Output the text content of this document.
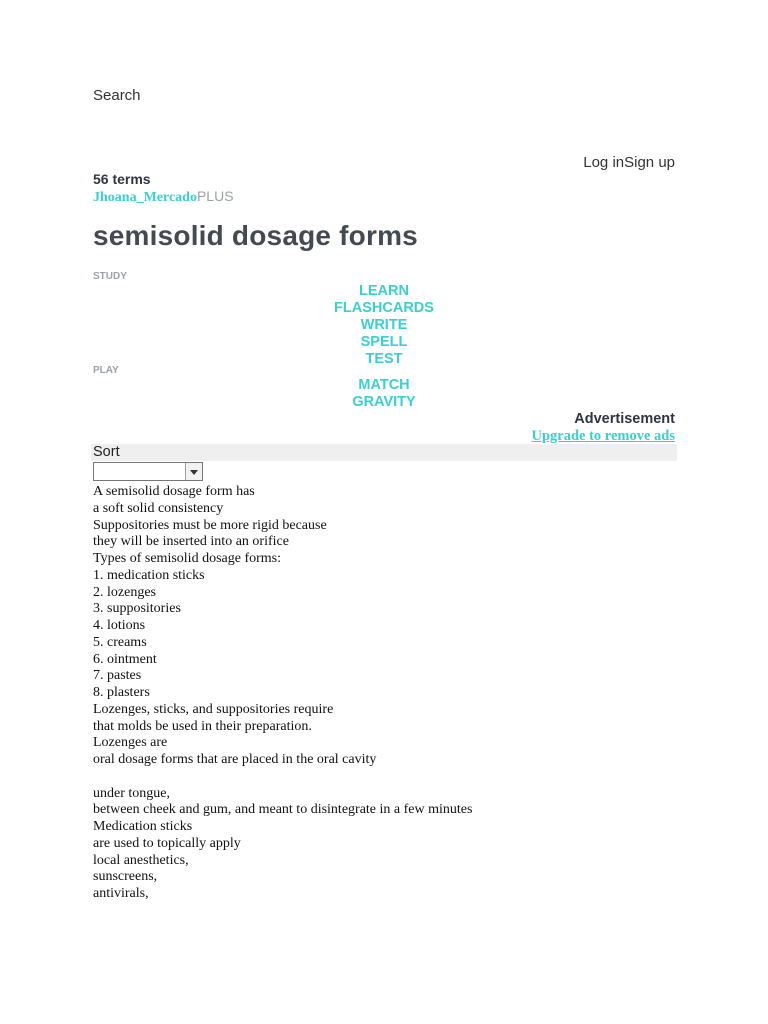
Search
Log inSign up
56 terms
Jhoana_MercadoPLUS
semisolid dosage forms
STUDY
LEARN
FLASHCARDS
WRITE
SPELL
TEST
PLAY
MATCH
GRAVITY
Advertisement
Upgrade to remove ads
Sort
A semisolid dosage form has
a soft solid consistency
Suppositories must be more rigid because
they will be inserted into an orifice
Types of semisolid dosage forms:
1. medication sticks
2. lozenges
3. suppositories
4. lotions
5. creams
6. ointment
7. pastes
8. plasters
Lozenges, sticks, and suppositories require
that molds be used in their preparation.
Lozenges are
oral dosage forms that are placed in the oral cavity
under tongue,
between cheek and gum, and meant to disintegrate in a few minutes
Medication sticks
are used to topically apply
local anesthetics,
sunscreens,
antivirals,
